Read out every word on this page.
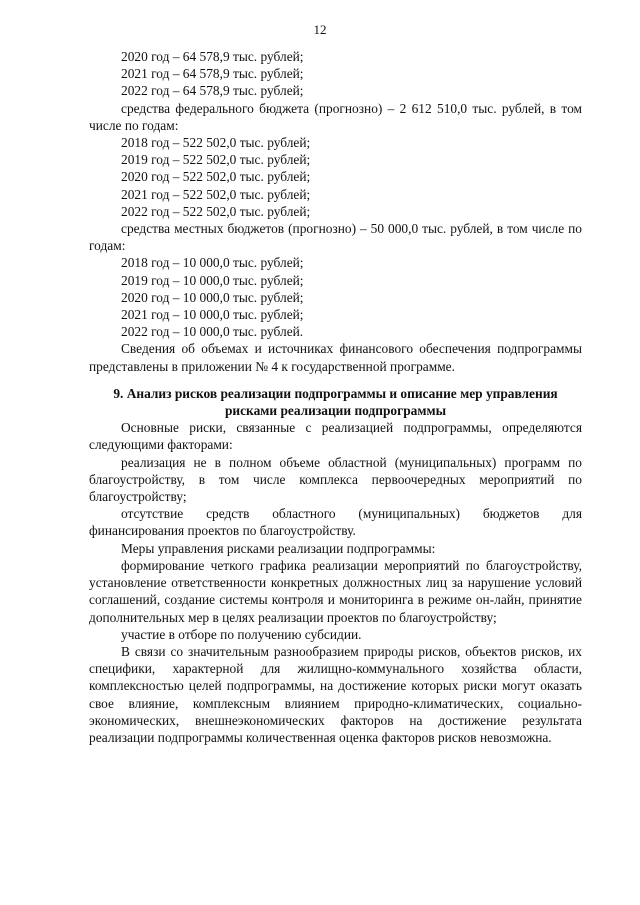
12
2020 год – 64 578,9 тыс. рублей;
2021 год – 64 578,9 тыс. рублей;
2022 год – 64 578,9 тыс. рублей;
средства федерального бюджета (прогнозно) – 2 612 510,0 тыс. рублей, в том числе по годам:
2018 год – 522 502,0 тыс. рублей;
2019 год – 522 502,0 тыс. рублей;
2020 год – 522 502,0 тыс. рублей;
2021 год – 522 502,0 тыс. рублей;
2022 год – 522 502,0 тыс. рублей;
средства местных бюджетов (прогнозно) – 50 000,0 тыс. рублей, в том числе по годам:
2018 год – 10 000,0 тыс. рублей;
2019 год – 10 000,0 тыс. рублей;
2020 год – 10 000,0 тыс. рублей;
2021 год – 10 000,0 тыс. рублей;
2022 год – 10 000,0 тыс. рублей.
Сведения об объемах и источниках финансового обеспечения подпрограммы представлены в приложении № 4 к государственной программе.
9. Анализ рисков реализации подпрограммы и описание мер управления
рисками реализации подпрограммы
Основные риски, связанные с реализацией подпрограммы, определяются следующими факторами:
реализация не в полном объеме областной (муниципальных) программ по благоустройству, в том числе комплекса первоочередных мероприятий по благоустройству;
отсутствие средств областного (муниципальных) бюджетов для финансирования проектов по благоустройству.
Меры управления рисками реализации подпрограммы:
формирование четкого графика реализации мероприятий по благоустройству, установление ответственности конкретных должностных лиц за нарушение условий соглашений, создание системы контроля и мониторинга в режиме он-лайн, принятие дополнительных мер в целях реализации проектов по благоустройству;
участие в отборе по получению субсидии.
В связи со значительным разнообразием природы рисков, объектов рисков, их специфики, характерной для жилищно-коммунального хозяйства области, комплексностью целей подпрограммы, на достижение которых риски могут оказать свое влияние, комплексным влиянием природно-климатических, социально-экономических, внешнеэкономических факторов на достижение результата реализации подпрограммы количественная оценка факторов рисков невозможна.
